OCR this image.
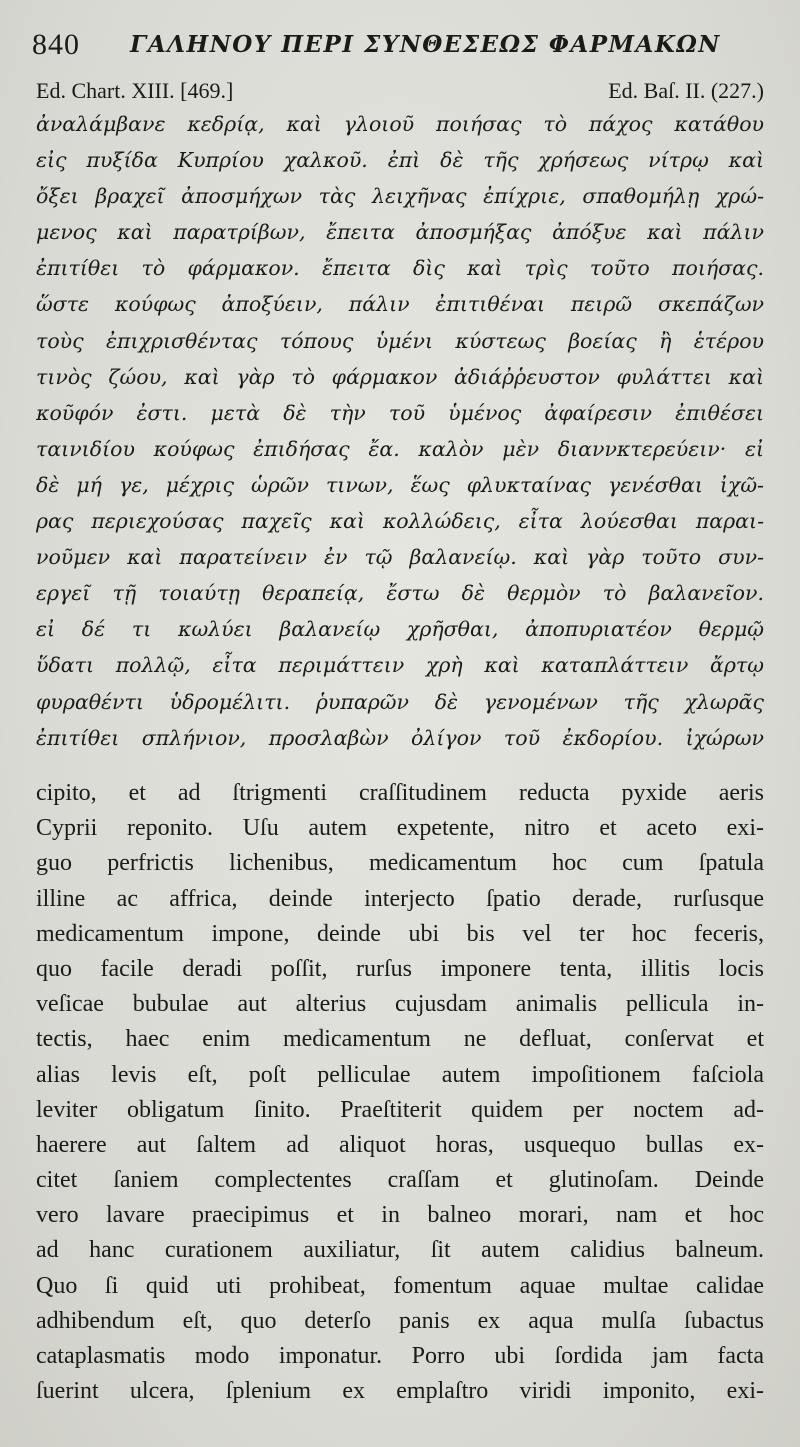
840 ΓΑΛΗΝΟΥ ΠΕΡΙ ΣΥΝΘΕΣΕΩΣ ΦΑΡΜΑΚΩΝ
Ed. Chart. XIII. [469.]	Ed. Baſ. II. (227.)
ἀναλάμβανε κεδρίᾳ, καὶ γλοιοῦ ποιήσας τὸ πάχος κατάθου
εἰς πυξίδα Κυπρίου χαλκοῦ. ἐπὶ δὲ τῆς χρήσεως νίτρῳ καὶ
ὄξει βραχεῖ ἀποσμήχων τὰς λειχῆνας ἐπίχριε, σπαθομήλῃ χρώ-
μενος καὶ παρατρίβων, ἔπειτα ἀποσμήξας ἀπόξυε καὶ πάλιν
ἐπιτίθει τὸ φάρμακον. ἔπειτα δὶς καὶ τρὶς τοῦτο ποιήσας.
ὥστε κούφως ἀποξύειν, πάλιν ἐπιτιθέναι πειρῶ σκεπάζων
τοὺς ἐπιχρισθέντας τόπους ὑμένι κύστεως βοείας ἢ ἑτέρου
τινὸς ζώου, καὶ γὰρ τὸ φάρμακον ἀδιάῤῥευστον φυλάττει καὶ
κοῦφόν ἐστι. μετὰ δὲ τὴν τοῦ ὑμένος ἀφαίρεσιν ἐπιθέσει
ταινιδίου κούφως ἐπιδήσας ἔα. καλὸν μὲν διαννκτερεύειν· εἰ
δὲ μή γε, μέχρις ὡρῶν τινων, ἕως φλυκταίνας γενέσθαι ἰχῶ-
ρας περιεχούσας παχεῖς καὶ κολλώδεις, εἶτα λούεσθαι παραι-
νοῦμεν καὶ παρατείνειν ἐν τῷ βαλανείῳ. καὶ γὰρ τοῦτο συν-
εργεῖ τῇ τοιαύτῃ θεραπείᾳ, ἔστω δὲ θερμὸν τὸ βαλανεῖον.
εἰ δέ τι κωλύει βαλανείῳ χρῆσθαι, ἀποπυριατέον θερμῷ
ὕδατι πολλῷ, εἶτα περιμάττειν χρὴ καὶ καταπλάττειν ἄρτῳ
φυραθέντι ὑδρομέλιτι. ῥυπαρῶν δὲ γενομένων τῆς χλωρᾶς
ἐπιτίθει σπλήνιον, προσλαβὼν ὀλίγον τοῦ ἐκδορίου. ἰχώρων
cipito, et ad ſtrigmenti craſſitudinem reducta pyxide aeris
Cyprii reponito. Uſu autem expetente, nitro et aceto exi-
guo perfrictis lichenibus, medicamentum hoc cum ſpatula
illine ac affrica, deinde interjecto ſpatio derade, rurſusque
medicamentum impone, deinde ubi bis vel ter hoc feceris,
quo facile deradi poſſit, rurſus imponere tenta, illitis locis
veſicae bubulae aut alterius cujusdam animalis pellicula in-
tectis, haec enim medicamentum ne defluat, conſervat et
alias levis eſt, poſt pelliculae autem impoſitionem faſciola
leviter obligatum ſinito. Praeſtiterit quidem per noctem ad-
haerere aut ſaltem ad aliquot horas, usquequo bullas ex-
citet ſaniem complectentes craſſam et glutinoſam. Deinde
vero lavare praecipimus et in balneo morari, nam et hoc
ad hanc curationem auxiliatur, ſit autem calidius balneum.
Quo ſi quid uti prohibeat, fomentum aquae multae calidae
adhibendum eſt, quo deterſo panis ex aqua mulſa ſubactus
cataplasmatis modo imponatur. Porro ubi ſordida jam facta
ſuerint ulcera, ſplenium ex emplaſtro viridi imponito, exi-
